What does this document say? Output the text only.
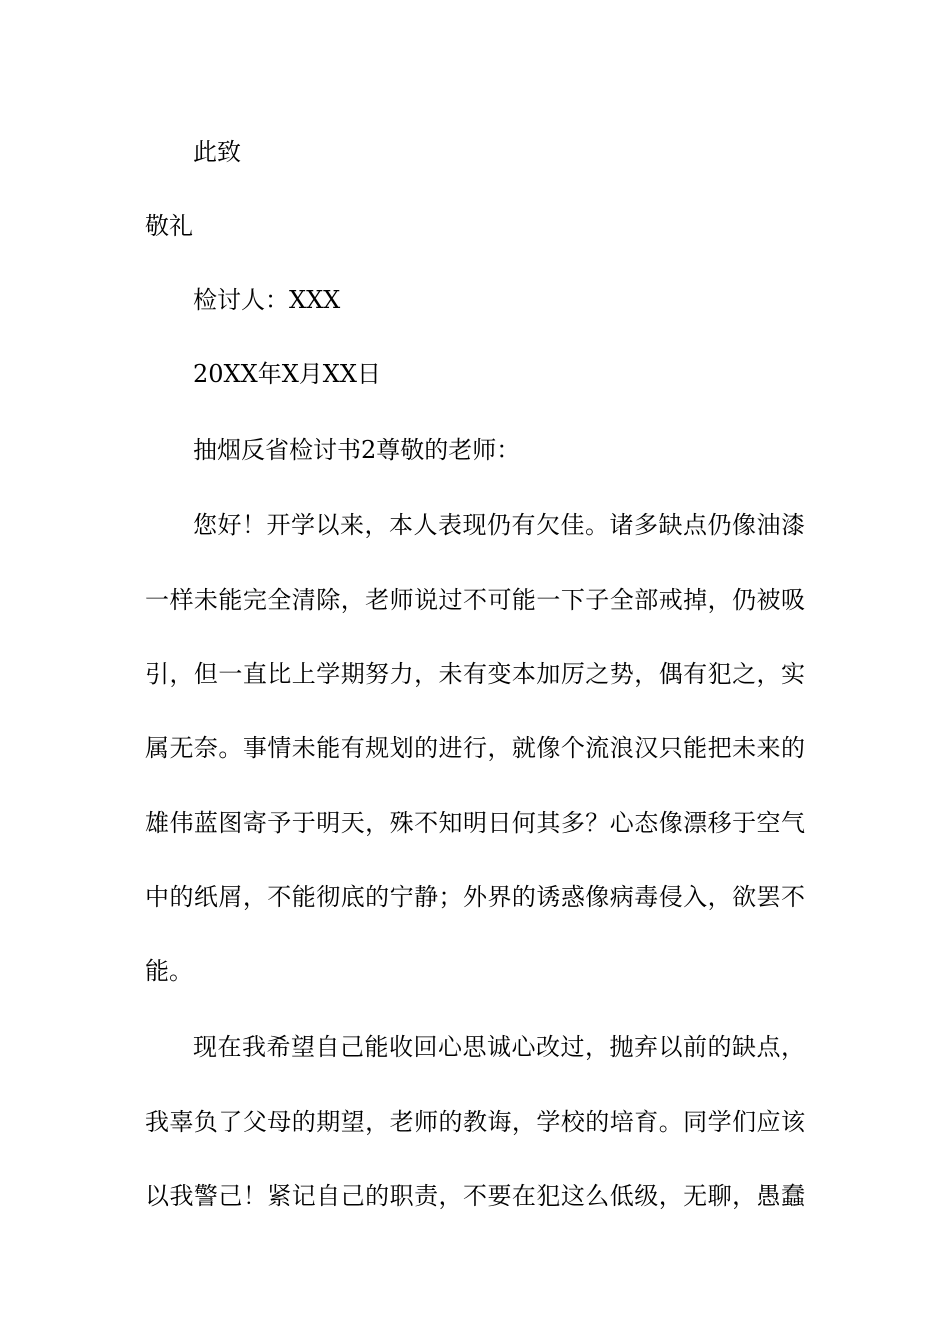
此致
敬礼
检讨人：XXX
20XX年X月XX日
抽烟反省检讨书2尊敬的老师：
您好！开学以来，本人表现仍有欠佳。诸多缺点仍像油漆
一样未能完全清除，老师说过不可能一下子全部戒掉，仍被吸
引，但一直比上学期努力，未有变本加厉之势，偶有犯之，实
属无奈。事情未能有规划的进行，就像个流浪汉只能把未来的
雄伟蓝图寄予于明天，殊不知明日何其多？心态像漂移于空气
中的纸屑，不能彻底的宁静；外界的诱惑像病毒侵入，欲罢不
能。
现在我希望自己能收回心思诚心改过，抛弃以前的缺点，
我辜负了父母的期望，老师的教诲，学校的培育。同学们应该
以我警己！紧记自己的职责，不要在犯这么低级，无聊，愚蠢
